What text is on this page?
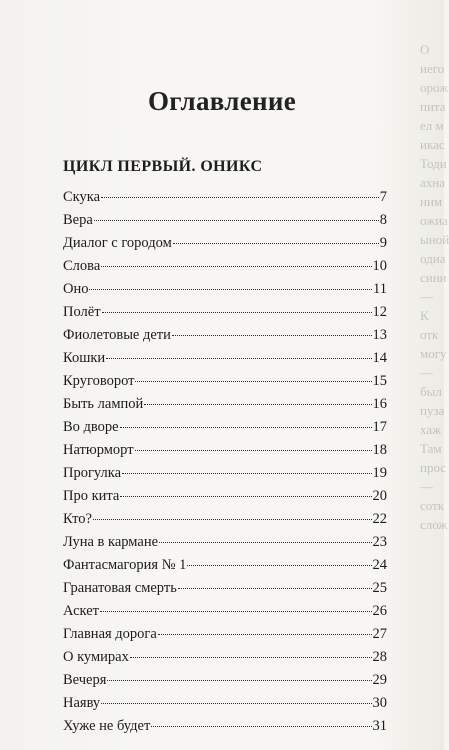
О
иего
орож
пита
ел м
икас
Тоди
ахна
ним
ожиа
ыной
одиа
сини
—
К
отк
могу
—
был
пуза
хаж
Там
прос
—
сотк
слож
Оглавление
ЦИКЛ ПЕРВЫЙ. ОНИКС
Скука	7
Вера	8
Диалог с городом	9
Слова	10
Оно	11
Полёт	12
Фиолетовые дети	13
Кошки	14
Круговорот	15
Быть лампой	16
Во дворе	17
Натюрморт	18
Прогулка	19
Про кита	20
Кто?	22
Луна в кармане	23
Фантасмагория № 1	24
Гранатовая смерть	25
Аскет	26
Главная дорога	27
О кумирах	28
Вечеря	29
Наяву	30
Хуже не будет	31
